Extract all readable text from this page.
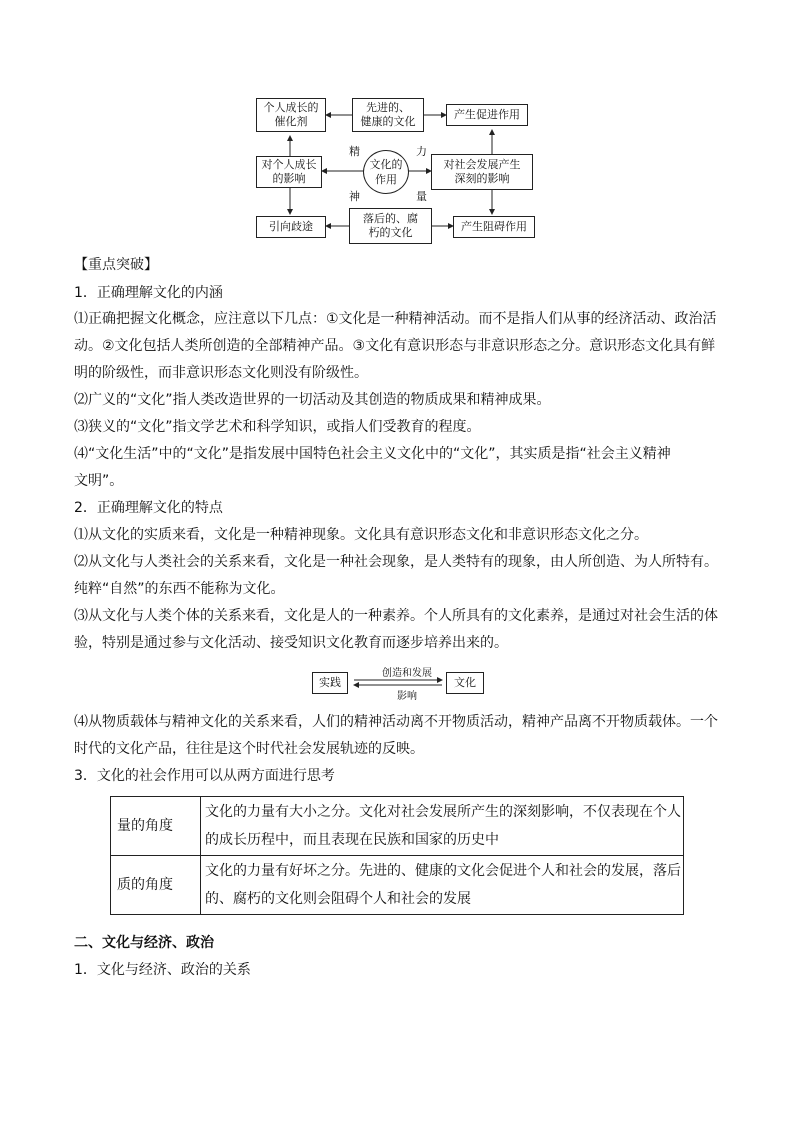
个人成长的
催化剂
先进的、
健康的文化
产生促进作用
对个人成长
的影响
文化的
作用
对社会发展产生
深刻的影响
精	力
神	量
引向歧途
落后的、腐
朽的文化	产生阻碍作用
【重点突破】
1．正确理解文化的内涵
⑴正确把握文化概念，应注意以下几点：①文化是一种精神活动。而不是指人们从事的经济活动、政治活
动。②文化包括人类所创造的全部精神产品。③文化有意识形态与非意识形态之分。意识形态文化具有鲜
明的阶级性，而非意识形态文化则没有阶级性。
⑵广义的“文化”指人类改造世界的一切活动及其创造的物质成果和精神成果。
⑶狭义的“文化”指文学艺术和科学知识，或指人们受教育的程度。
⑷“文化生活”中的“文化”是指发展中国特色社会主义文化中的“文化”，其实质是指“社会主义精神
文明”。
2．正确理解文化的特点
⑴从文化的实质来看，文化是一种精神现象。文化具有意识形态文化和非意识形态文化之分。
⑵从文化与人类社会的关系来看，文化是一种社会现象，是人类特有的现象，由人所创造、为人所特有。
纯粹“自然”的东西不能称为文化。
⑶从文化与人类个体的关系来看，文化是人的一种素养。个人所具有的文化素养，是通过对社会生活的体
验，特别是通过参与文化活动、接受知识文化教育而逐步培养出来的。
实践
创造和发展
影响
文化
⑷从物质载体与精神文化的关系来看，人们的精神活动离不开物质活动，精神产品离不开物质载体。一个
时代的文化产品，往往是这个时代社会发展轨迹的反映。
3．文化的社会作用可以从两方面进行思考
量的角度	文化的力量有大小之分。文化对社会发展所产生的深刻影响，不仅表现在个人
的成长历程中，而且表现在民族和国家的历史中

质的角度	文化的力量有好坏之分。先进的、健康的文化会促进个人和社会的发展，落后
的、腐朽的文化则会阻碍个人和社会的发展
二、文化与经济、政治
1．文化与经济、政治的关系
